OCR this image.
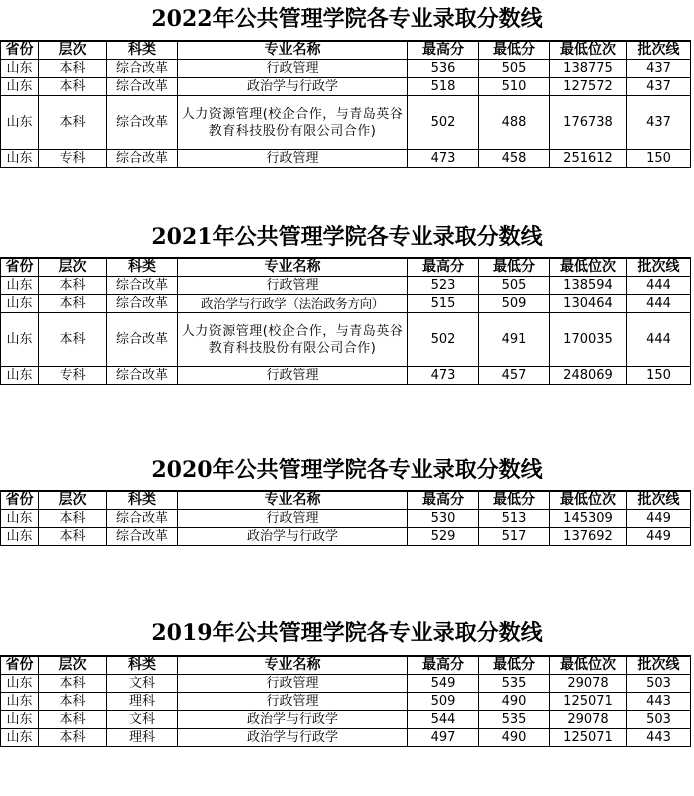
2022年公共管理学院各专业录取分数线
省份	层次	科类	专业名称	最高分	最低分	最低位次	批次线
山东	本科	综合改革	行政管理	536	505	138775	437
山东	本科	综合改革	政治学与行政学	518	510	127572	437
山东	本科	综合改革	人力资源管理(校企合作，与青岛英谷教育科技股份有限公司合作)	502	488	176738	437
山东	专科	综合改革	行政管理	473	458	251612	150
2021年公共管理学院各专业录取分数线
省份	层次	科类	专业名称	最高分	最低分	最低位次	批次线
山东	本科	综合改革	行政管理	523	505	138594	444
山东	本科	综合改革	政治学与行政学（法治政务方向）	515	509	130464	444
山东	本科	综合改革	人力资源管理(校企合作，与青岛英谷教育科技股份有限公司合作)	502	491	170035	444
山东	专科	综合改革	行政管理	473	457	248069	150
2020年公共管理学院各专业录取分数线
省份	层次	科类	专业名称	最高分	最低分	最低位次	批次线
山东	本科	综合改革	行政管理	530	513	145309	449
山东	本科	综合改革	政治学与行政学	529	517	137692	449
2019年公共管理学院各专业录取分数线
省份	层次	科类	专业名称	最高分	最低分	最低位次	批次线
山东	本科	文科	行政管理	549	535	29078	503
山东	本科	理科	行政管理	509	490	125071	443
山东	本科	文科	政治学与行政学	544	535	29078	503
山东	本科	理科	政治学与行政学	497	490	125071	443
